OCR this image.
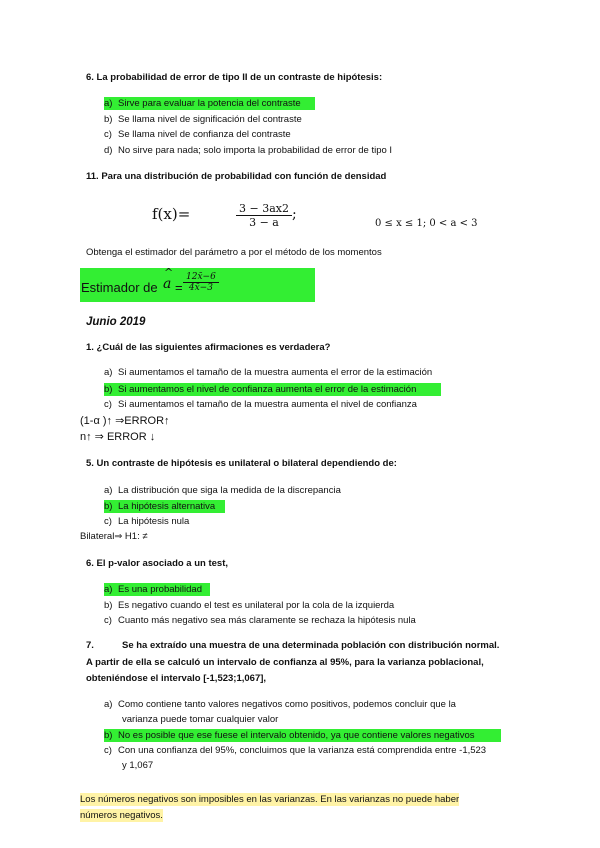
6. La probabilidad de error de tipo II de un contraste de hipótesis:
a) Sirve para evaluar la potencia del contraste
b) Se llama nivel de significación del contraste
c) Se llama nivel de confianza del contraste
d) No sirve para nada; solo importa la probabilidad de error de tipo I
11. Para una distribución de probabilidad con función de densidad
f(x)=	$\frac{3 - 3ax2}{3 - a}$ ;
0 ≤ x ≤ 1; 0 < a < 3
Obtenga el estimador del parámetro a por el método de los momentos
Estimador de a
^
= $\frac{12x̄-6}{4x̄-3}$
Junio 2019
1. ¿Cuál de las siguientes afirmaciones es verdadera?
a) Si aumentamos el tamaño de la muestra aumenta el error de la estimación
b) Si aumentamos el nivel de confianza aumenta el error de la estimación
c) Si aumentamos el tamaño de la muestra aumenta el nivel de confianza
(1-α )↑ ⇒ERROR↑
n↑ ⇒ ERROR ↓
5. Un contraste de hipótesis es unilateral o bilateral dependiendo de:
a) La distribución que siga la medida de la discrepancia
b) La hipótesis alternativa
c) La hipótesis nula
Bilateral⇒ H1: ≠
6. El p-valor asociado a un test,
a) Es una probabilidad
b) Es negativo cuando el test es unilateral por la cola de la izquierda
c) Cuanto más negativo sea más claramente se rechaza la hipótesis nula
7.	Se ha extraído una muestra de una determinada población con distribución normal.
A partir de ella se calculó un intervalo de confianza al 95%, para la varianza poblacional,
obteniéndose el intervalo [-1,523;1,067],
a) Como contiene tanto valores negativos como positivos, podemos concluir que la
varianza puede tomar cualquier valor
b) No es posible que ese fuese el intervalo obtenido, ya que contiene valores negativos
c) Con una confianza del 95%, concluimos que la varianza está comprendida entre -1,523
y 1,067
Los números negativos son imposibles en las varianzas. En las varianzas no puede haber
números negativos.
